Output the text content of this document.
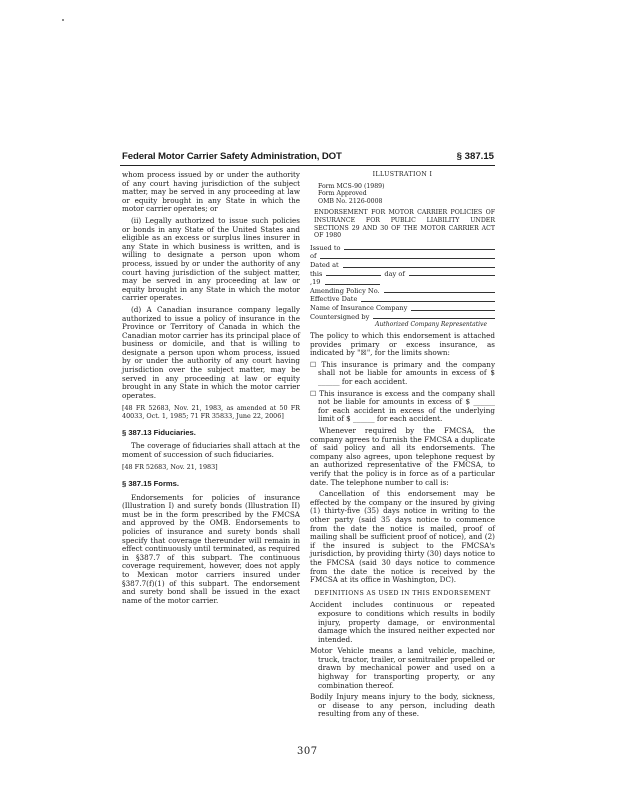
Federal Motor Carrier Safety Administration, DOT	§ 387.15

whom process issued by or under the authority of any court having jurisdiction of the subject matter, may be served in any proceeding at law or equity brought in any State in which the motor carrier operates; or

(ii) Legally authorized to issue such policies or bonds in any State of the United States and eligible as an excess or surplus lines insurer in any State in which business is written, and is willing to designate a person upon whom process, issued by or under the authority of any court having jurisdiction of the subject matter, may be served in any proceeding at law or equity brought in any State in which the motor carrier operates.

(d) A Canadian insurance company legally authorized to issue a policy of insurance in the Province or Territory of Canada in which the Canadian motor carrier has its principal place of business or domicile, and that is willing to designate a person upon whom process, issued by or under the authority of any court having jurisdiction over the subject matter, may be served in any proceeding at law or equity brought in any State in which the motor carrier operates.

[48 FR 52683, Nov. 21, 1983, as amended at 50 FR 40033, Oct. 1, 1985; 71 FR 35833, June 22, 2006]

§ 387.13 Fiduciaries.

The coverage of fiduciaries shall attach at the moment of succession of such fiduciaries.

[48 FR 52683, Nov. 21, 1983]

§ 387.15 Forms.

Endorsements for policies of insurance (Illustration I) and surety bonds (Illustration II) must be in the form prescribed by the FMCSA and approved by the OMB. Endorsements to policies of insurance and surety bonds shall specify that coverage thereunder will remain in effect continuously until terminated, as required in §387.7 of this subpart. The continuous coverage requirement, however, does not apply to Mexican motor carriers insured under §387.7(f)(1) of this subpart. The endorsement and surety bond shall be issued in the exact name of the motor carrier.

ILLUSTRATION I

Form MCS-90 (1989)

Form Approved

OMB No. 2126-0008

ENDORSEMENT FOR MOTOR CARRIER POLICIES OF INSURANCE FOR PUBLIC LIABILITY UNDER SECTIONS 29 AND 30 OF THE MOTOR CARRIER ACT OF 1980

Issued to
of
Dated at
this	day of
,19
Amending Policy No.
Effective Date
Name of Insurance Company
Countersigned by

Authorized Company Representative

The policy to which this endorsement is attached provides primary or excess insurance, as indicated by "☒", for the limits shown:

☐ This insurance is primary and the company shall not be liable for amounts in excess of $ ______ for each accident.

☐ This insurance is excess and the company shall not be liable for amounts in excess of $ ______ for each accident in excess of the underlying limit of $ ______ for each accident.

Whenever required by the FMCSA, the company agrees to furnish the FMCSA a duplicate of said policy and all its endorsements. The company also agrees, upon telephone request by an authorized representative of the FMCSA, to verify that the policy is in force as of a particular date. The telephone number to call is:

Cancellation of this endorsement may be effected by the company or the insured by giving (1) thirty-five (35) days notice in writing to the other party (said 35 days notice to commence from the date the notice is mailed, proof of mailing shall be sufficient proof of notice), and (2) if the insured is subject to the FMCSA's jurisdiction, by providing thirty (30) days notice to the FMCSA (said 30 days notice to commence from the date the notice is received by the FMCSA at its office in Washington, DC).

DEFINITIONS AS USED IN THIS ENDORSEMENT

Accident includes continuous or repeated exposure to conditions which results in bodily injury, property damage, or environmental damage which the insured neither expected nor intended.

Motor Vehicle means a land vehicle, machine, truck, tractor, trailer, or semitrailer propelled or drawn by mechanical power and used on a highway for transporting property, or any combination thereof.

Bodily Injury means injury to the body, sickness, or disease to any person, including death resulting from any of these.

307
